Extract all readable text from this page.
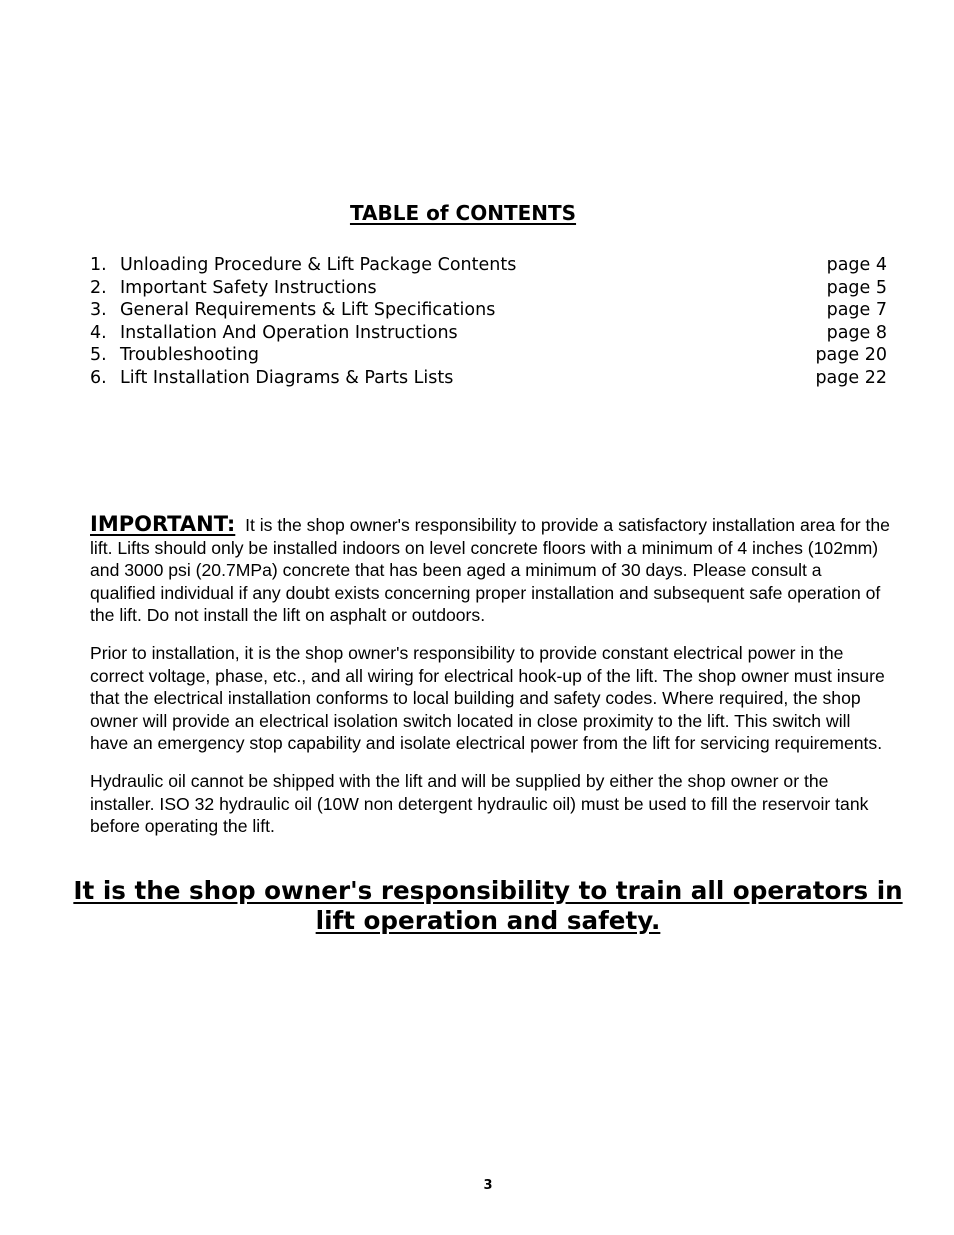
TABLE of CONTENTS
1. Unloading Procedure & Lift Package Contents	page 4
2. Important Safety Instructions	page 5
3. General Requirements & Lift Specifications	page 7
4. Installation And Operation Instructions	page 8
5. Troubleshooting	page 20
6. Lift Installation Diagrams & Parts Lists	page 22

IMPORTANT: It is the shop owner's responsibility to provide a satisfactory installation area for the lift. Lifts should only be installed indoors on level concrete floors with a minimum of 4 inches (102mm) and 3000 psi (20.7MPa) concrete that has been aged a minimum of 30 days. Please consult a qualified individual if any doubt exists concerning proper installation and subsequent safe operation of the lift. Do not install the lift on asphalt or outdoors.

Prior to installation, it is the shop owner's responsibility to provide constant electrical power in the correct voltage, phase, etc., and all wiring for electrical hook-up of the lift. The shop owner must insure that the electrical installation conforms to local building and safety codes. Where required, the shop owner will provide an electrical isolation switch located in close proximity to the lift. This switch will have an emergency stop capability and isolate electrical power from the lift for servicing requirements.

Hydraulic oil cannot be shipped with the lift and will be supplied by either the shop owner or the installer. ISO 32 hydraulic oil (10W non detergent hydraulic oil) must be used to fill the reservoir tank before operating the lift.

It is the shop owner's responsibility to train all operators in lift operation and safety.

3
